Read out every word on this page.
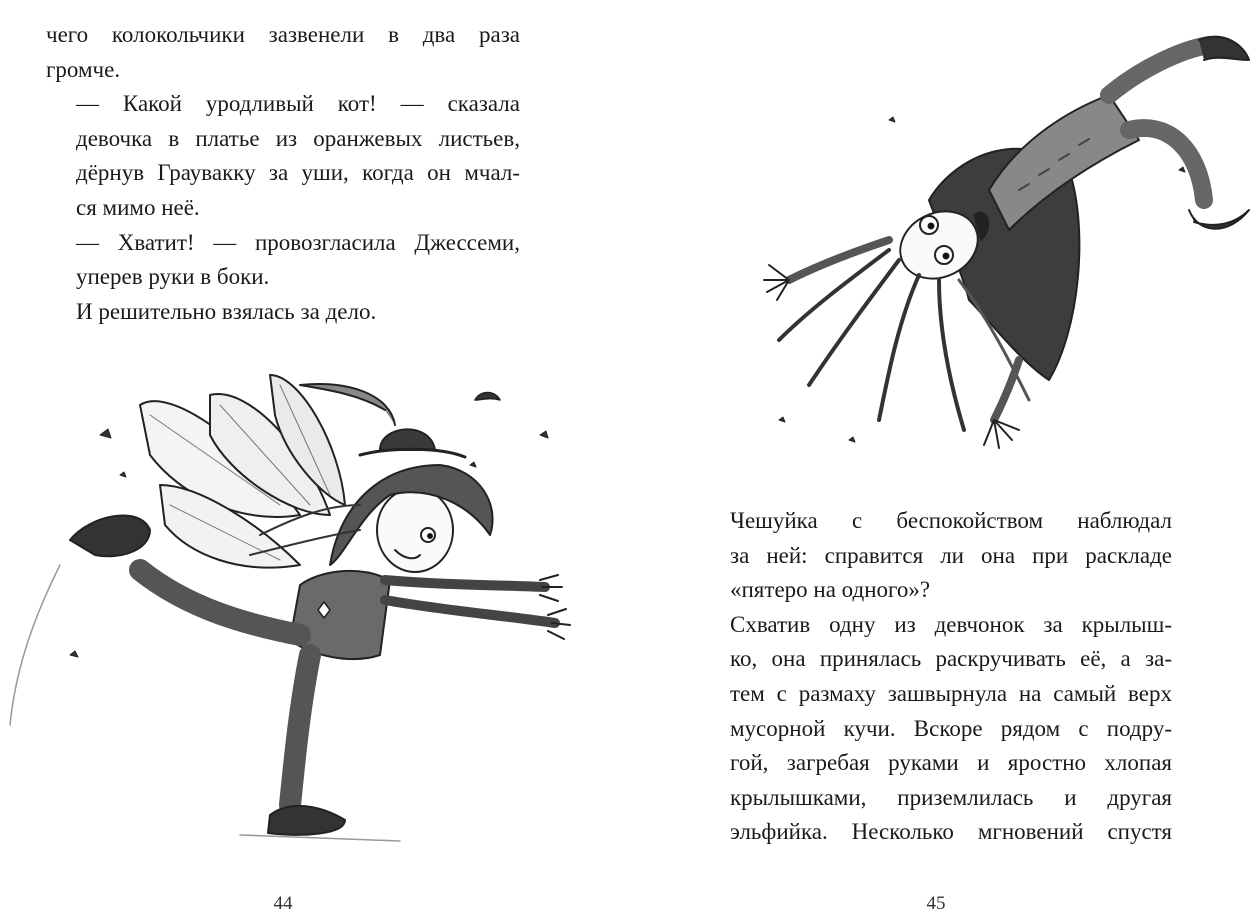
чего колокольчики зазвенели в два раза
громче.

— Какой уродливый кот! — сказала
девочка в платье из оранжевых листьев,
дёрнув Граувакку за уши, когда он мчал-
ся мимо неё.

— Хватит! — провозгласила Джессеми,
уперев руки в боки.

И решительно взялась за дело.

44

Чешуйка с беспокойством наблюдал
за ней: справится ли она при раскладе
«пятеро на одного»?

Схватив одну из девчонок за крылыш-
ко, она принялась раскручивать её, а за-
тем с размаху зашвырнула на самый верх
мусорной кучи. Вскоре рядом с подру-
гой, загребая руками и яростно хлопая
крылышками, приземлилась и другая
эльфийка. Несколько мгновений спустя

45
